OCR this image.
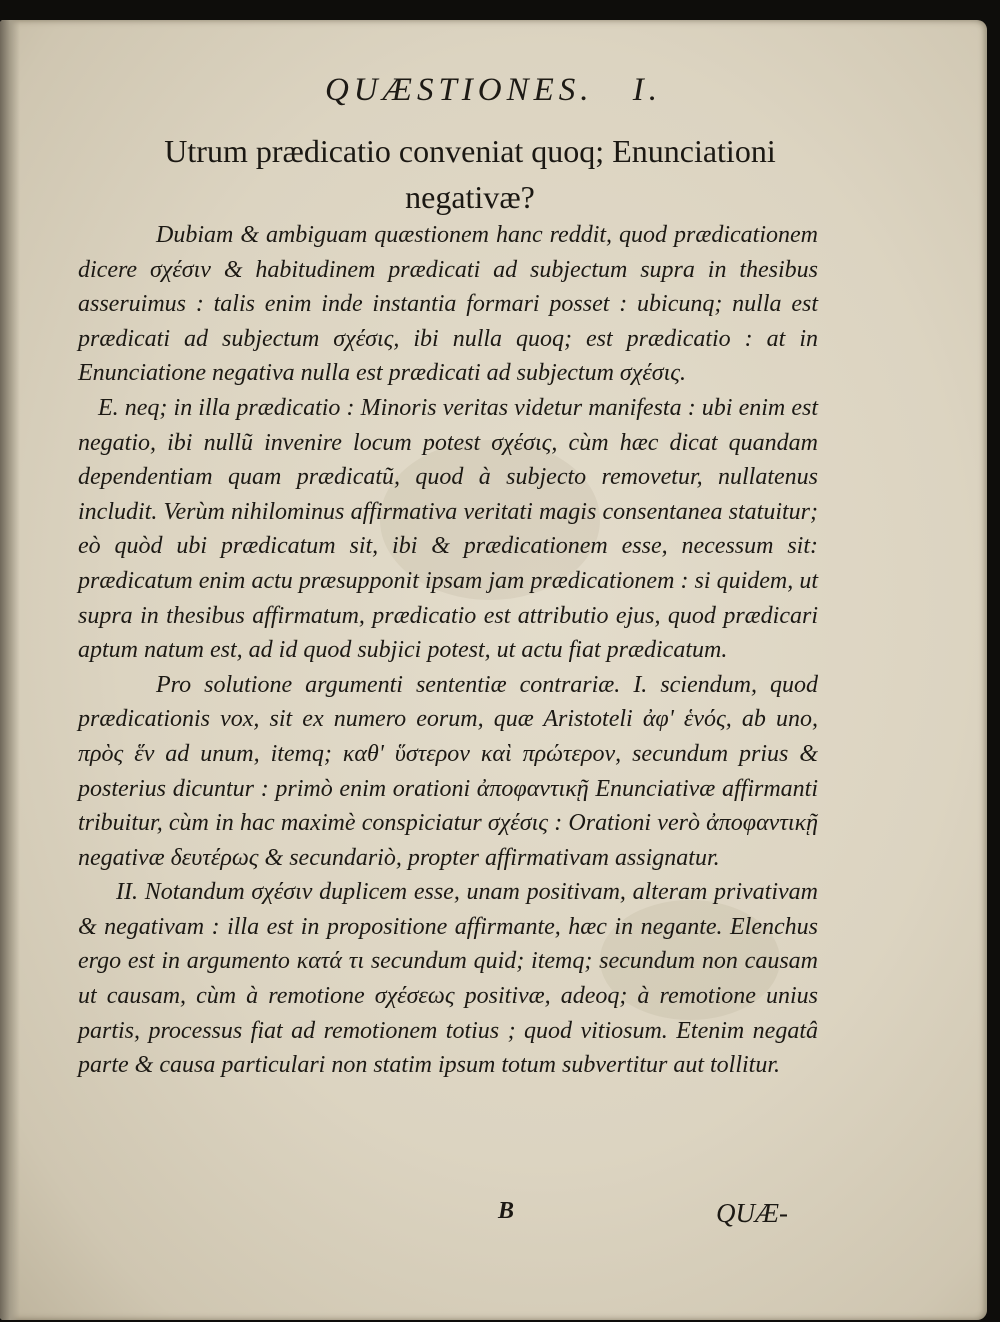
QUÆSTIONES. I.
Utrum prædicatio conveniat quoq; Enunciationi negativæ?

Dubiam & ambiguam quæstionem hanc reddit, quod prædicationem dicere σχέσιν & habitudinem prædicati ad subjectum supra in thesibus asseruimus : talis enim inde instantia formari posset : ubicunq; nulla est prædicati ad subjectum σχέσις, ibi nulla quoq; est prædicatio : at in Enunciatione negativa nulla est prædicati ad subjectum σχέσις.

E. neq; in illa prædicatio : Minoris veritas videtur manifesta : ubi enim est negatio, ibi nullũ invenire locum potest σχέσις, cùm hæc dicat quandam dependentiam quam prædicatũ, quod à subjecto removetur, nullatenus includit. Verùm nihilominus affirmativa veritati magis consentanea statuitur; eò quòd ubi prædicatum sit, ibi & prædicationem esse, necessum sit: prædicatum enim actu præsupponit ipsam jam prædicationem : si quidem, ut supra in thesibus affirmatum, prædicatio est attributio ejus, quod prædicari aptum natum est, ad id quod subjici potest, ut actu fiat prædicatum.

Pro solutione argumenti sententiæ contrariæ. I. sciendum, quod prædicationis vox, sit ex numero eorum, quæ Aristoteli ἀφ' ἑνός, ab uno, πρὸς ἕν ad unum, itemq; καθ' ὕστερον καὶ πρώτερον, secundum prius & posterius dicuntur : primò enim orationi ἀποφαντικῇ Enunciativæ affirmanti tribuitur, cùm in hac maximè conspiciatur σχέσις : Orationi verò ἀποφαντικῇ negativæ δευτέρως & secundariò, propter affirmativam assignatur.

II. Notandum σχέσιν duplicem esse, unam positivam, alteram privativam & negativam : illa est in propositione affirmante, hæc in negante. Elenchus ergo est in argumento κατά τι secundum quid; itemq; secundum non causam ut causam, cùm à remotione σχέσεως positivæ, adeoq; à remotione unius partis, processus fiat ad remotionem totius ; quod vitiosum. Etenim negatâ parte & causa particulari non statim ipsum totum subvertitur aut tollitur.

B	QUÆ-
